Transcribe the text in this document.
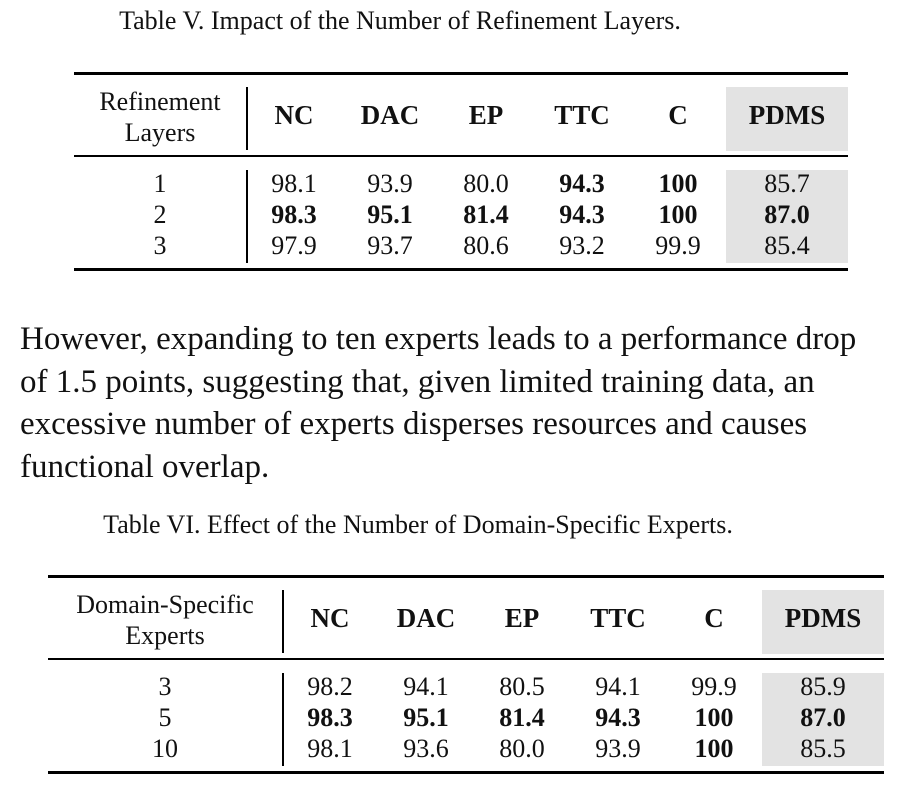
Table V. Impact of the Number of Refinement Layers.
Refinement
Layers
NC DAC EP TTC C PDMS
1	98.1 93.9 80.0 94.3 100	85.7
2	98.3 95.1 81.4 94.3 100	87.0
3	97.9 93.7 80.6 93.2 99.9 85.4
However, expanding to ten experts leads to a performance drop
of 1.5 points, suggesting that, given limited training data, an
excessive number of experts disperses resources and causes
functional overlap.
Table VI. Effect of the Number of Domain-Specific Experts.
Domain-Specific
Experts
NC DAC EP TTC C PDMS
3	98.2 94.1 80.5 94.1 99.9 85.9
5	98.3 95.1 81.4 94.3 100	87.0
10	98.1 93.6 80.0 93.9 100	85.5
